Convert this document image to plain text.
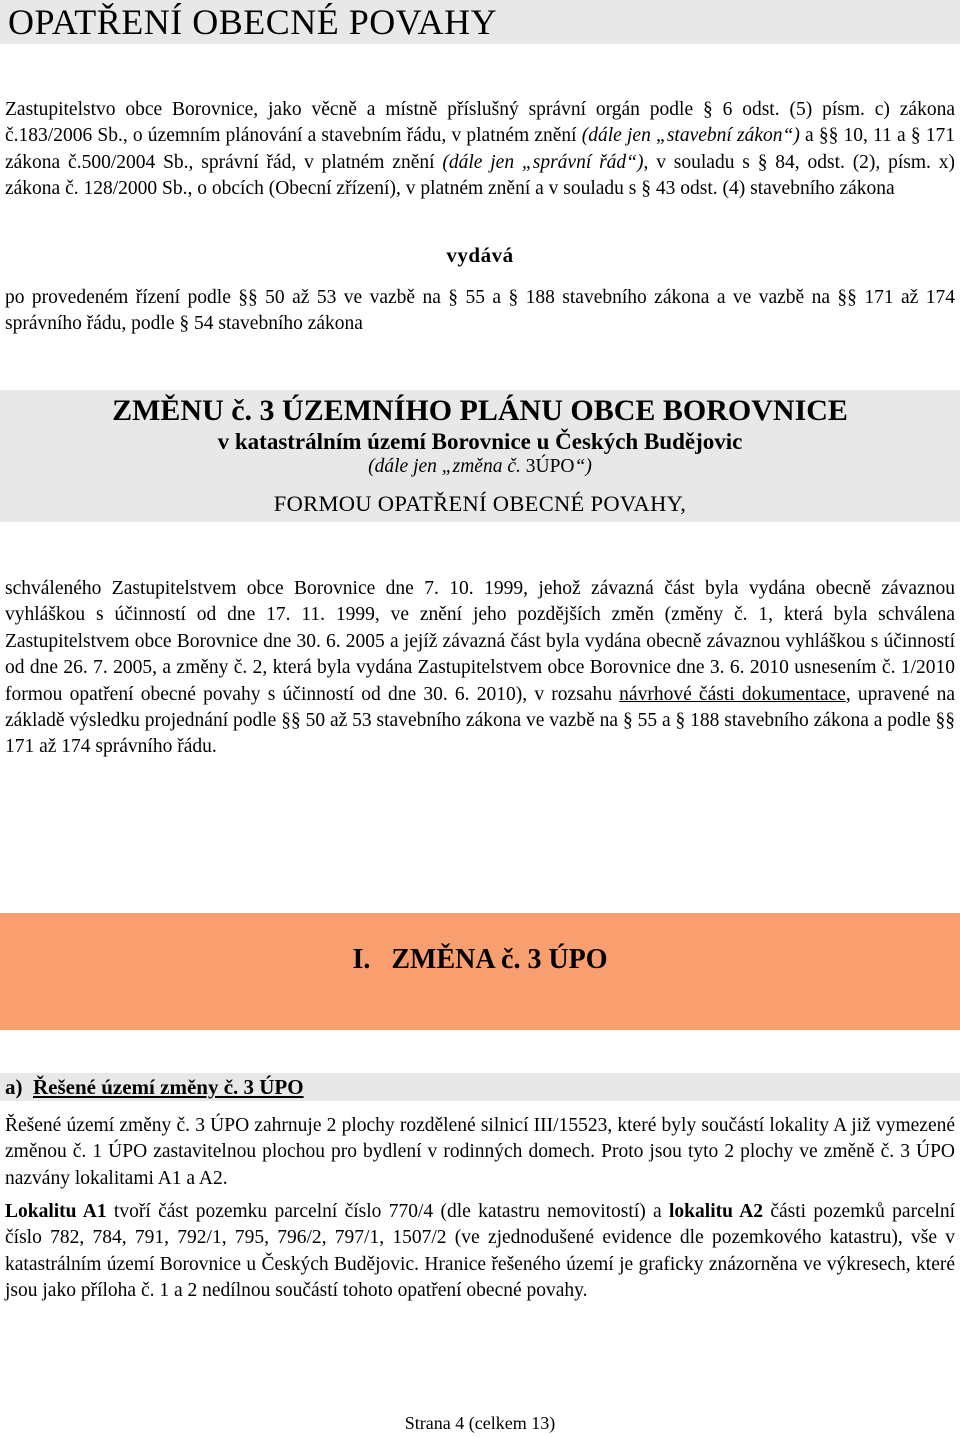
OPATŘENÍ OBECNÉ POVAHY

Zastupitelstvo obce Borovnice, jako věcně a místně příslušný správní orgán podle § 6 odst. (5) písm. c) zákona č.183/2006 Sb., o územním plánování a stavebním řádu, v platném znění (dále jen „stavební zákon“) a §§ 10, 11 a § 171 zákona č.500/2004 Sb., správní řád, v platném znění (dále jen „správní řád“), v souladu s § 84, odst. (2), písm. x) zákona č. 128/2000 Sb., o obcích (Obecní zřízení), v platném znění a v souladu s § 43 odst. (4) stavebního zákona

vydává

po provedeném řízení podle §§ 50 až 53 ve vazbě na § 55 a § 188 stavebního zákona a ve vazbě na §§ 171 až 174 správního řádu, podle § 54 stavebního zákona

ZMĚNU č. 3 ÚZEMNÍHO PLÁNU OBCE BOROVNICE

v katastrálním území Borovnice u Českých Budějovic

(dále jen „změna č. 3ÚPO“)

FORMOU OPATŘENÍ OBECNÉ POVAHY,

schváleného Zastupitelstvem obce Borovnice dne 7. 10. 1999, jehož závazná část byla vydána obecně závaznou vyhláškou s účinností od dne 17. 11. 1999, ve znění jeho pozdějších změn (změny č. 1, která byla schválena Zastupitelstvem obce Borovnice dne 30. 6. 2005 a jejíž závazná část byla vydána obecně závaznou vyhláškou s účinností od dne 26. 7. 2005, a změny č. 2, která byla vydána Zastupitelstvem obce Borovnice dne 3. 6. 2010 usnesením č. 1/2010 formou opatření obecné povahy s účinností od dne 30. 6. 2010), v rozsahu návrhové části dokumentace, upravené na základě výsledku projednání podle §§ 50 až 53 stavebního zákona ve vazbě na § 55 a § 188 stavebního zákona a podle §§ 171 až 174 správního řádu.

I. ZMĚNA č. 3 ÚPO

a) Řešené území změny č. 3 ÚPO

Řešené území změny č. 3 ÚPO zahrnuje 2 plochy rozdělené silnicí III/15523, které byly součástí lokality A již vymezené změnou č. 1 ÚPO zastavitelnou plochou pro bydlení v rodinných domech. Proto jsou tyto 2 plochy ve změně č. 3 ÚPO nazvány lokalitami A1 a A2.

Lokalitu A1 tvoří část pozemku parcelní číslo 770/4 (dle katastru nemovitostí) a lokalitu A2 části pozemků parcelní číslo 782, 784, 791, 792/1, 795, 796/2, 797/1, 1507/2 (ve zjednodušené evidence dle pozemkového katastru), vše v katastrálním území Borovnice u Českých Budějovic. Hranice řešeného území je graficky znázorněna ve výkresech, které jsou jako příloha č. 1 a 2 nedílnou součástí tohoto opatření obecné povahy.

Strana 4 (celkem 13)
